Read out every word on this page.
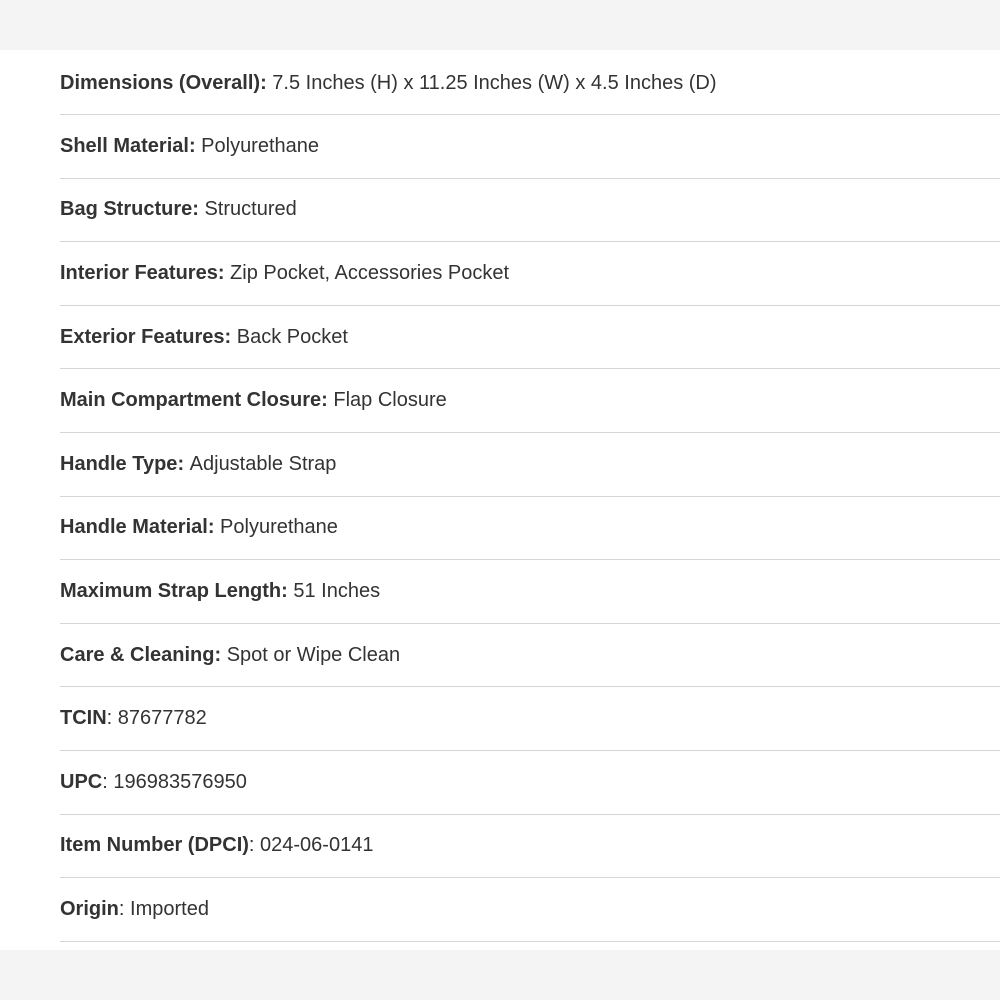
Dimensions (Overall) : 7.5 Inches (H) x 11.25 Inches (W) x 4.5 Inches (D)
Shell Material : Polyurethane
Bag Structure : Structured
Interior Features : Zip Pocket, Accessories Pocket
Exterior Features : Back Pocket
Main Compartment Closure : Flap Closure
Handle Type : Adjustable Strap
Handle Material : Polyurethane
Maximum Strap Length : 51 Inches
Care & Cleaning : Spot or Wipe Clean
TCIN : 87677782
UPC : 196983576950
Item Number (DPCI) : 024-06-0141
Origin : Imported
